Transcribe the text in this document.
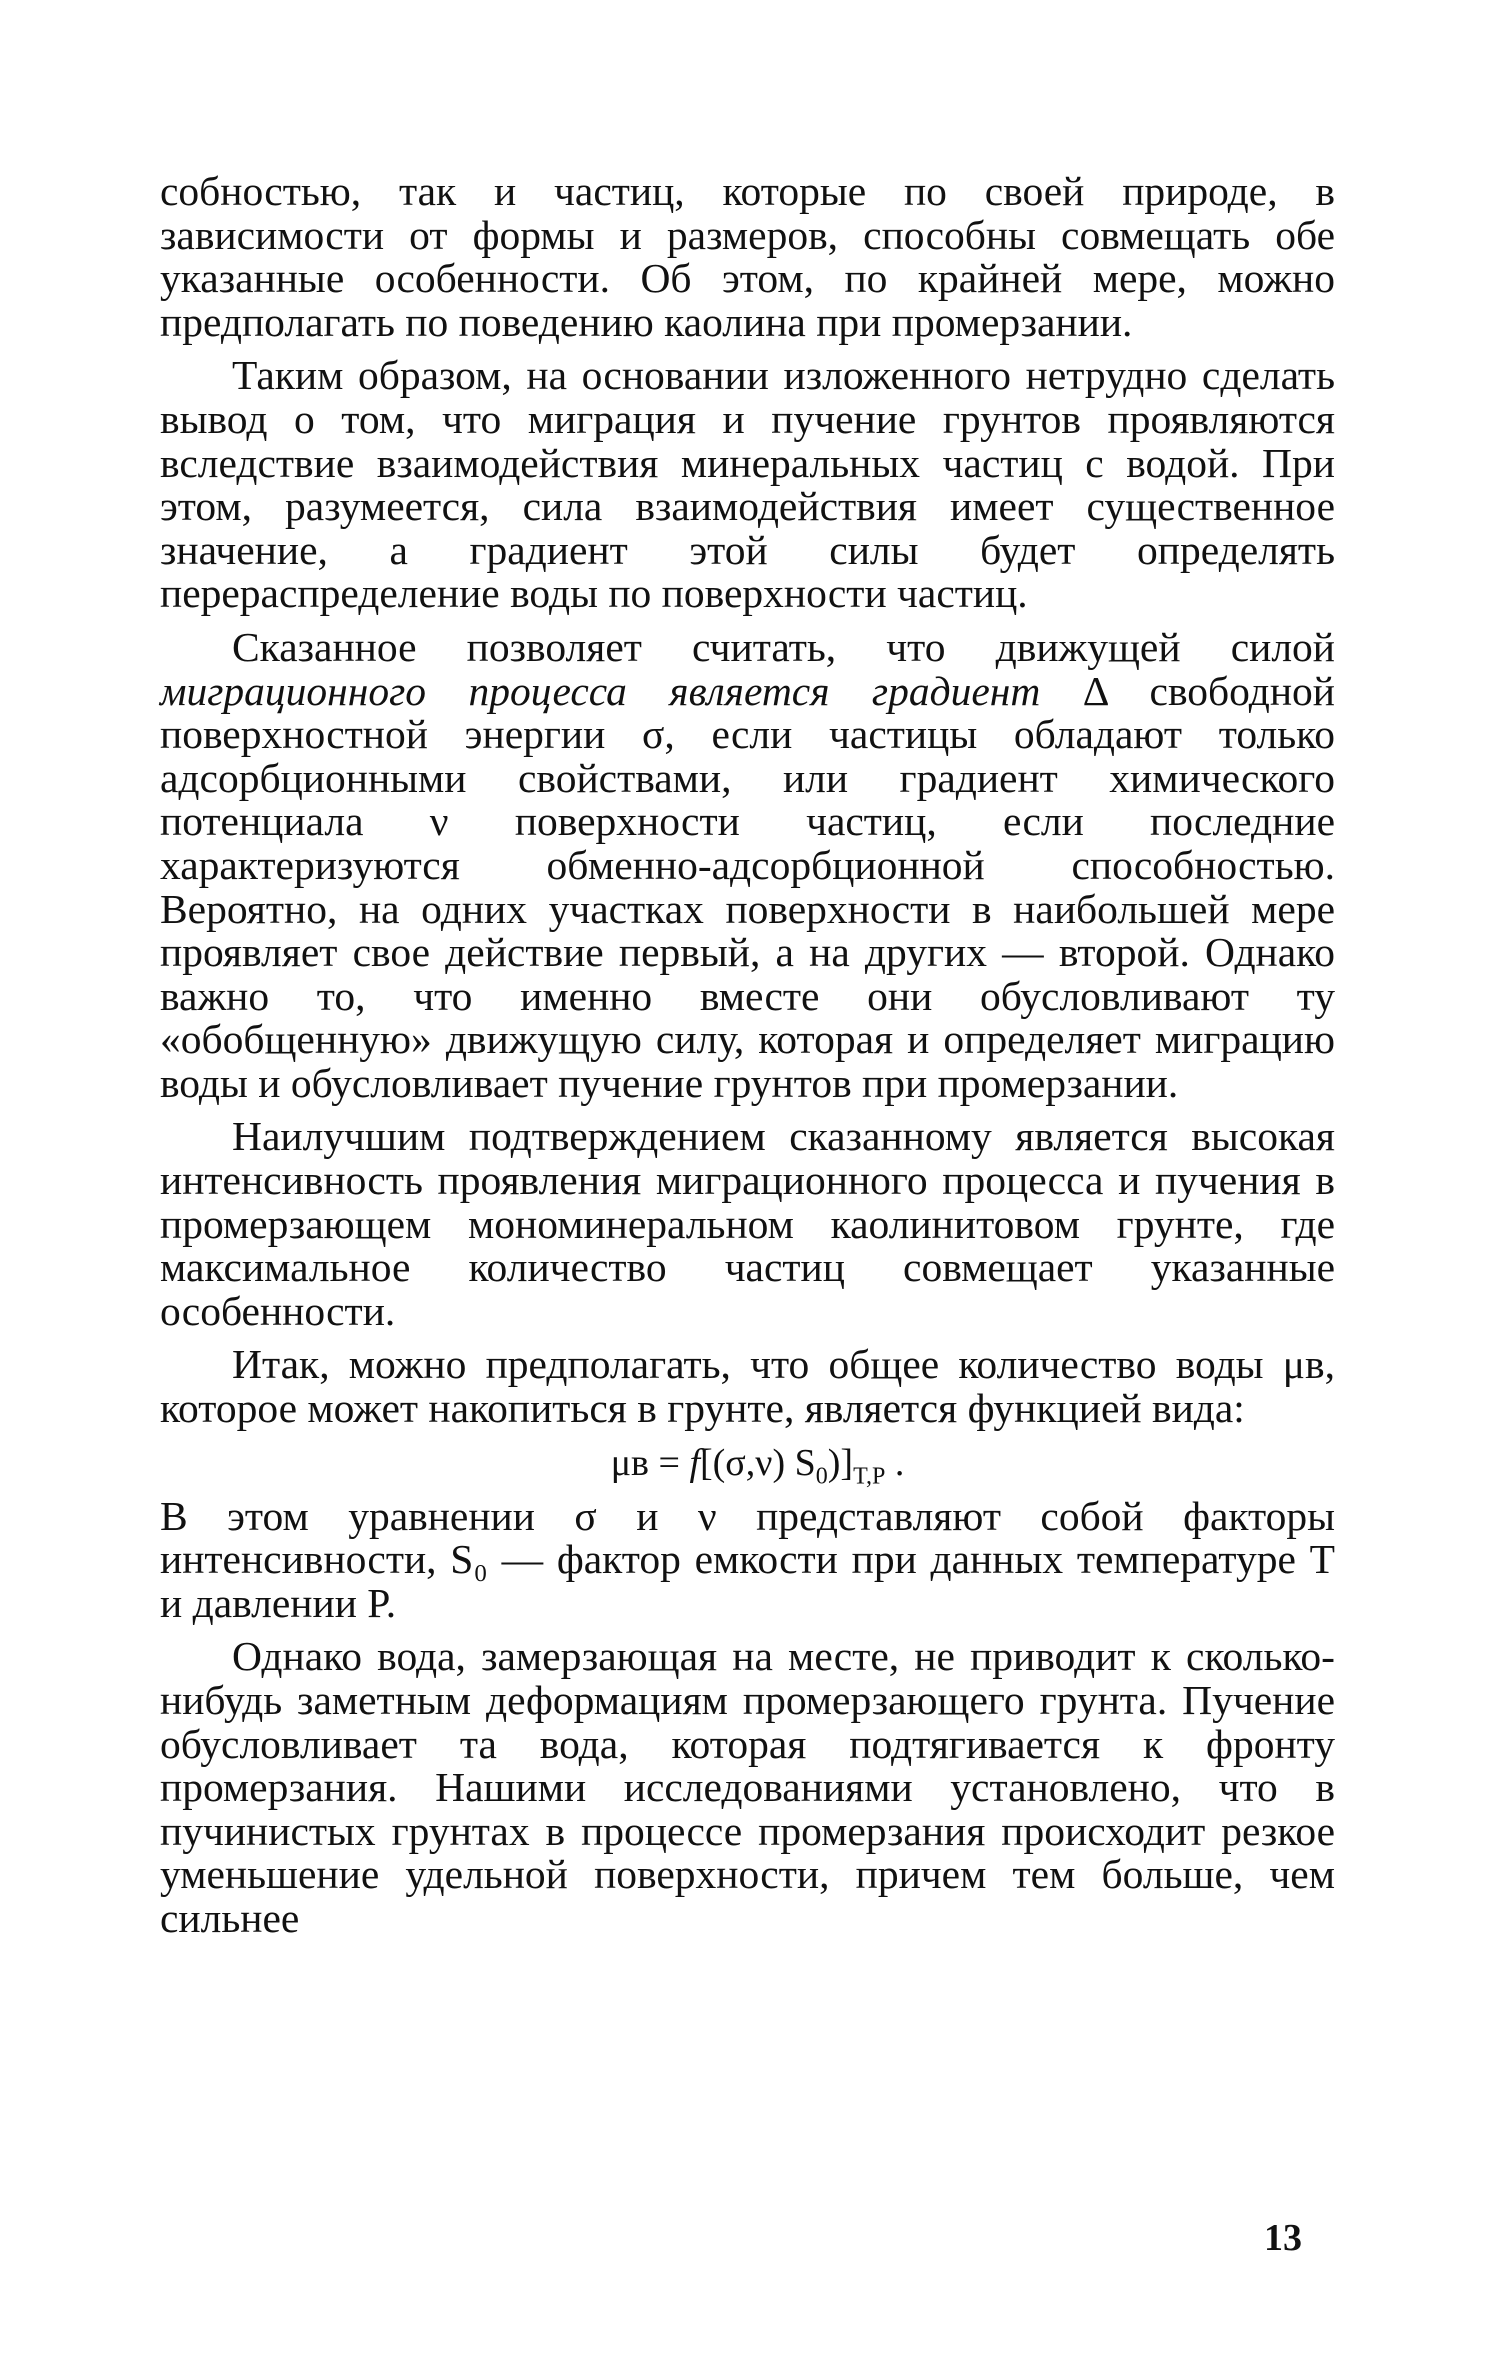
собностью, так и частиц, которые по своей природе, в зависимости от формы и размеров, способны совмещать обе указанные особенности. Об этом, по крайней мере, можно предполагать по поведению каолина при промерзании.

Таким образом, на основании изложенного нетрудно сделать вывод о том, что миграция и пучение грунтов проявляются вследствие взаимодействия минеральных частиц с водой. При этом, разумеется, сила взаимодействия имеет существенное значение, а градиент этой силы будет определять перераспределение воды по поверхности частиц.

Сказанное позволяет считать, что движущей силой миграционного процесса является градиент Δ свободной поверхностной энергии σ, если частицы обладают только адсорбционными свойствами, или градиент химического потенциала ν поверхности частиц, если последние характеризуются обменно-адсорбционной способностью. Вероятно, на одних участках поверхности в наибольшей мере проявляет свое действие первый, а на других — второй. Однако важно то, что именно вместе они обусловливают ту «обобщенную» движущую силу, которая и определяет миграцию воды и обусловливает пучение грунтов при промерзании.

Наилучшим подтверждением сказанному является высокая интенсивность проявления миграционного процесса и пучения в промерзающем мономинеральном каолинитовом грунте, где максимальное количество частиц совмещает указанные особенности.

Итак, можно предполагать, что общее количество воды μв, которое может накопиться в грунте, является функцией вида:

μв = f[(σ,ν) $S_0)]_{T,P}$ .

В этом уравнении σ и ν представляют собой факторы интенсивности, S₀ — фактор емкости при данных температуре T и давлении P.

Однако вода, замерзающая на месте, не приводит к сколько-нибудь заметным деформациям промерзающего грунта. Пучение обусловливает та вода, которая подтягивается к фронту промерзания. Нашими исследованиями установлено, что в пучинистых грунтах в процессе промерзания происходит резкое уменьшение удельной поверхности, причем тем больше, чем сильнее

13
